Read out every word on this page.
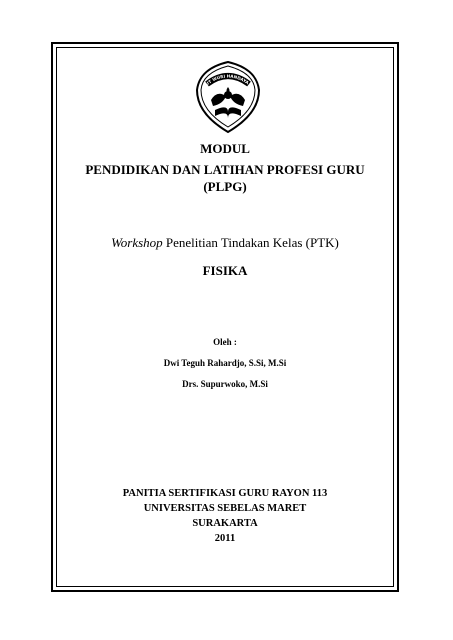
UT WURI HANDAYA
MODUL
PENDIDIKAN DAN LATIHAN PROFESI GURU
(PLPG)
Workshop Penelitian Tindakan Kelas (PTK)
FISIKA
Oleh :
Dwi Teguh Rahardjo, S.Si, M.Si
Drs. Supurwoko, M.Si
PANITIA SERTIFIKASI GURU RAYON 113
UNIVERSITAS SEBELAS MARET
SURAKARTA
2011
